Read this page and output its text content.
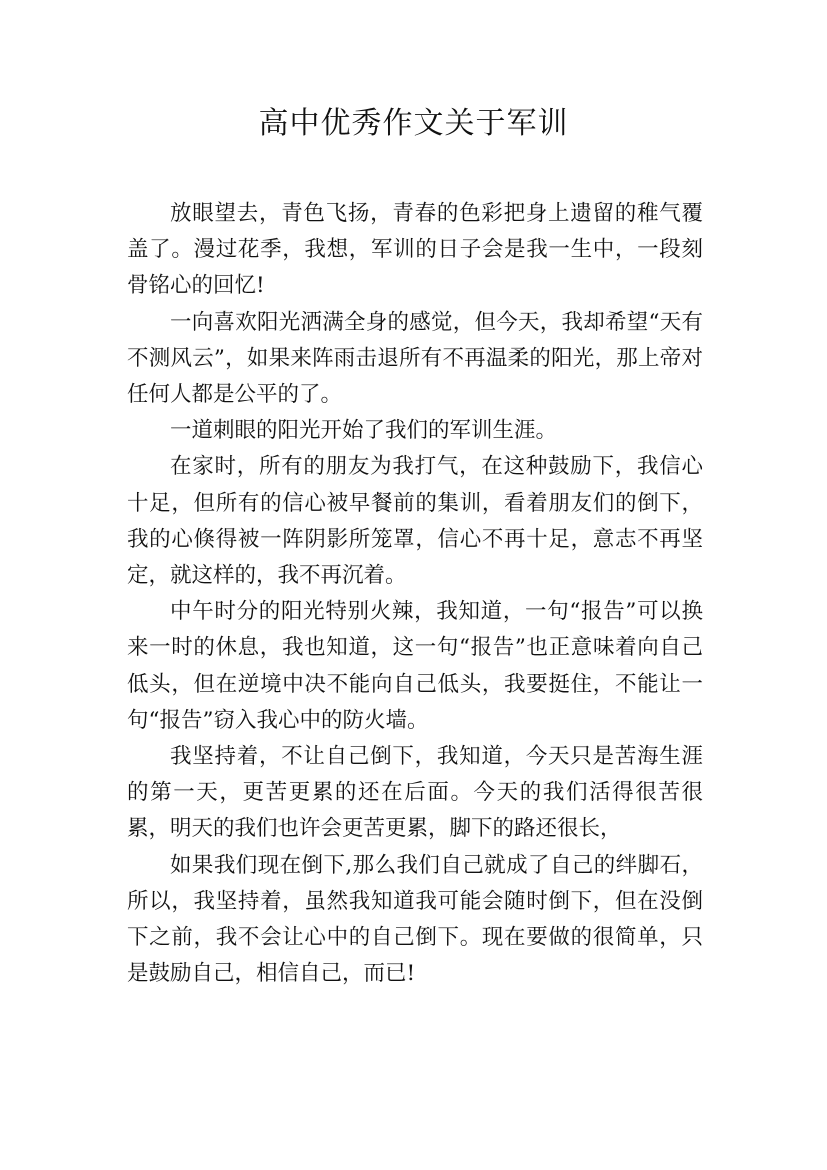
高中优秀作文关于军训

放眼望去，青色飞扬，青春的色彩把身上遗留的稚气覆盖了。漫过花季，我想，军训的日子会是我一生中，一段刻骨铭心的回忆!

一向喜欢阳光洒满全身的感觉，但今天，我却希望“天有不测风云”，如果来阵雨击退所有不再温柔的阳光，那上帝对任何人都是公平的了。

一道刺眼的阳光开始了我们的军训生涯。

在家时，所有的朋友为我打气，在这种鼓励下，我信心十足，但所有的信心被早餐前的集训，看着朋友们的倒下，我的心倏得被一阵阴影所笼罩，信心不再十足，意志不再坚定，就这样的，我不再沉着。

中午时分的阳光特别火辣，我知道，一句“报告”可以换来一时的休息，我也知道，这一句“报告”也正意味着向自己低头，但在逆境中决不能向自己低头，我要挺住，不能让一句“报告”窃入我心中的防火墙。

我坚持着，不让自己倒下，我知道，今天只是苦海生涯的第一天，更苦更累的还在后面。今天的我们活得很苦很累，明天的我们也许会更苦更累，脚下的路还很长，

如果我们现在倒下,那么我们自己就成了自己的绊脚石，所以，我坚持着，虽然我知道我可能会随时倒下，但在没倒下之前，我不会让心中的自己倒下。现在要做的很简单，只是鼓励自己，相信自己，而已!
